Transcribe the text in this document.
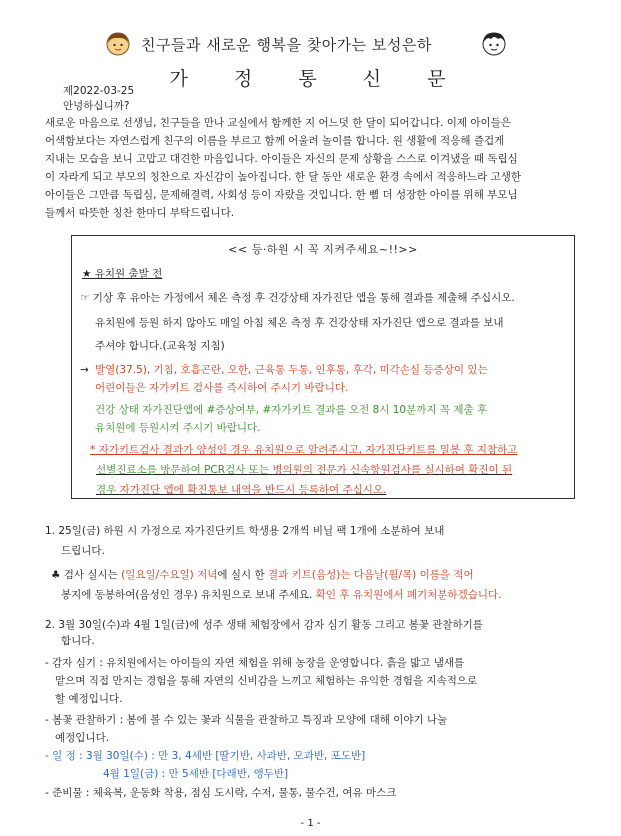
친구들과 새로운 행복을 찾아가는 보성은하
가 정 통 신 문
제2022-03-25
안녕하십니까?
새로운 마음으로 선생님, 친구들을 만나 교실에서 함께한 지 어느덧 한 달이 되어갑니다. 이제 아이들은
어색함보다는 자연스럽게 친구의 이름을 부르고 함께 어울려 놀이를 합니다. 원 생활에 적응해 즐겁게
지내는 모습을 보니 고맙고 대견한 마음입니다. 아이들은 자신의 문제 상황을 스스로 이겨냈을 때 독립심
이 자라게 되고 부모의 칭찬으로 자신감이 높아집니다. 한 달 동안 새로운 환경 속에서 적응하느라 고생한
아이들은 그만큼 독립심, 문제해결력, 사회성 등이 자랐을 것입니다. 한 뼘 더 성장한 아이를 위해 부모님
들께서 따뜻한 칭찬 한마디 부탁드립니다.
<< 등·하원 시 꼭 지켜주세요~!!>>
★ 유치원 출발 전
☞ 기상 후 유아는 가정에서 체온 측정 후 건강상태 자가진단 앱을 통해 결과를 제출해 주십시오.
유치원에 등원 하지 않아도 매일 아침 체온 측정 후 건강상태 자가진단 앱으로 결과를 보내
주셔야 합니다.(교육청 지침)
→ 발열(37.5), 기침, 호흡곤란, 오한, 근육통 두통, 인후통, 후각, 미각손실 등증상이 있는
어린이들은 자가키트 검사를 즉시하여 주시기 바랍니다.
건강 상태 자가진단앱에 #증상여부, #자가키트 결과를 오전 8시 10분까지 꼭 제출 후
유치원에 등원시켜 주시기 바랍니다.
* 자가키트검사 결과가 양성인 경우 유치원으로 알려주시고, 자가진단키트를 밀봉 후 지참하고
선별진료소를 방문하여 PCR검사 또는 병의원의 전문가 신속항원검사를 실시하여 확진이 된
경우 자가진단 앱에 확진통보 내역을 반드시 등록하여 주십시오.
1. 25일(금) 하원 시 가정으로 자가진단키트 학생용 2개씩 비닐 팩 1개에 소분하여 보내
드립니다.
♣ 검사 실시는 (일요일/수요일) 저녁에 실시 한 결과 키트(음성)는 다음날(월/목) 이름을 적어
봉지에 동봉하여(음성인 경우) 유치원으로 보내 주세요. 확인 후 유치원에서 폐기처분하겠습니다.
2. 3월 30일(수)과 4월 1일(금)에 성주 생태 체험장에서 감자 심기 활동 그리고 봄꽃 관찰하기를
합니다.
- 감자 심기 : 유치원에서는 아이들의 자연 체험을 위해 농장을 운영합니다. 흙을 밟고 냄새를
맡으며 직접 만지는 경험을 통해 자연의 신비감을 느끼고 체험하는 유익한 경험을 지속적으로
할 예정입니다.
- 봄꽃 관찰하기 : 봄에 볼 수 있는 꽃과 식물을 관찰하고 특징과 모양에 대해 이야기 나눌
예정입니다.
- 일 정 : 3월 30일(수) : 만 3, 4세반 [딸기반, 사과반, 모과반, 포도반]
4월 1일(금) : 만 5세반 [다래반, 앵두반]
- 준비물 : 체육복, 운동화 착용, 점심 도시락, 수저, 물통, 물수건, 여유 마스크
- 1 -
